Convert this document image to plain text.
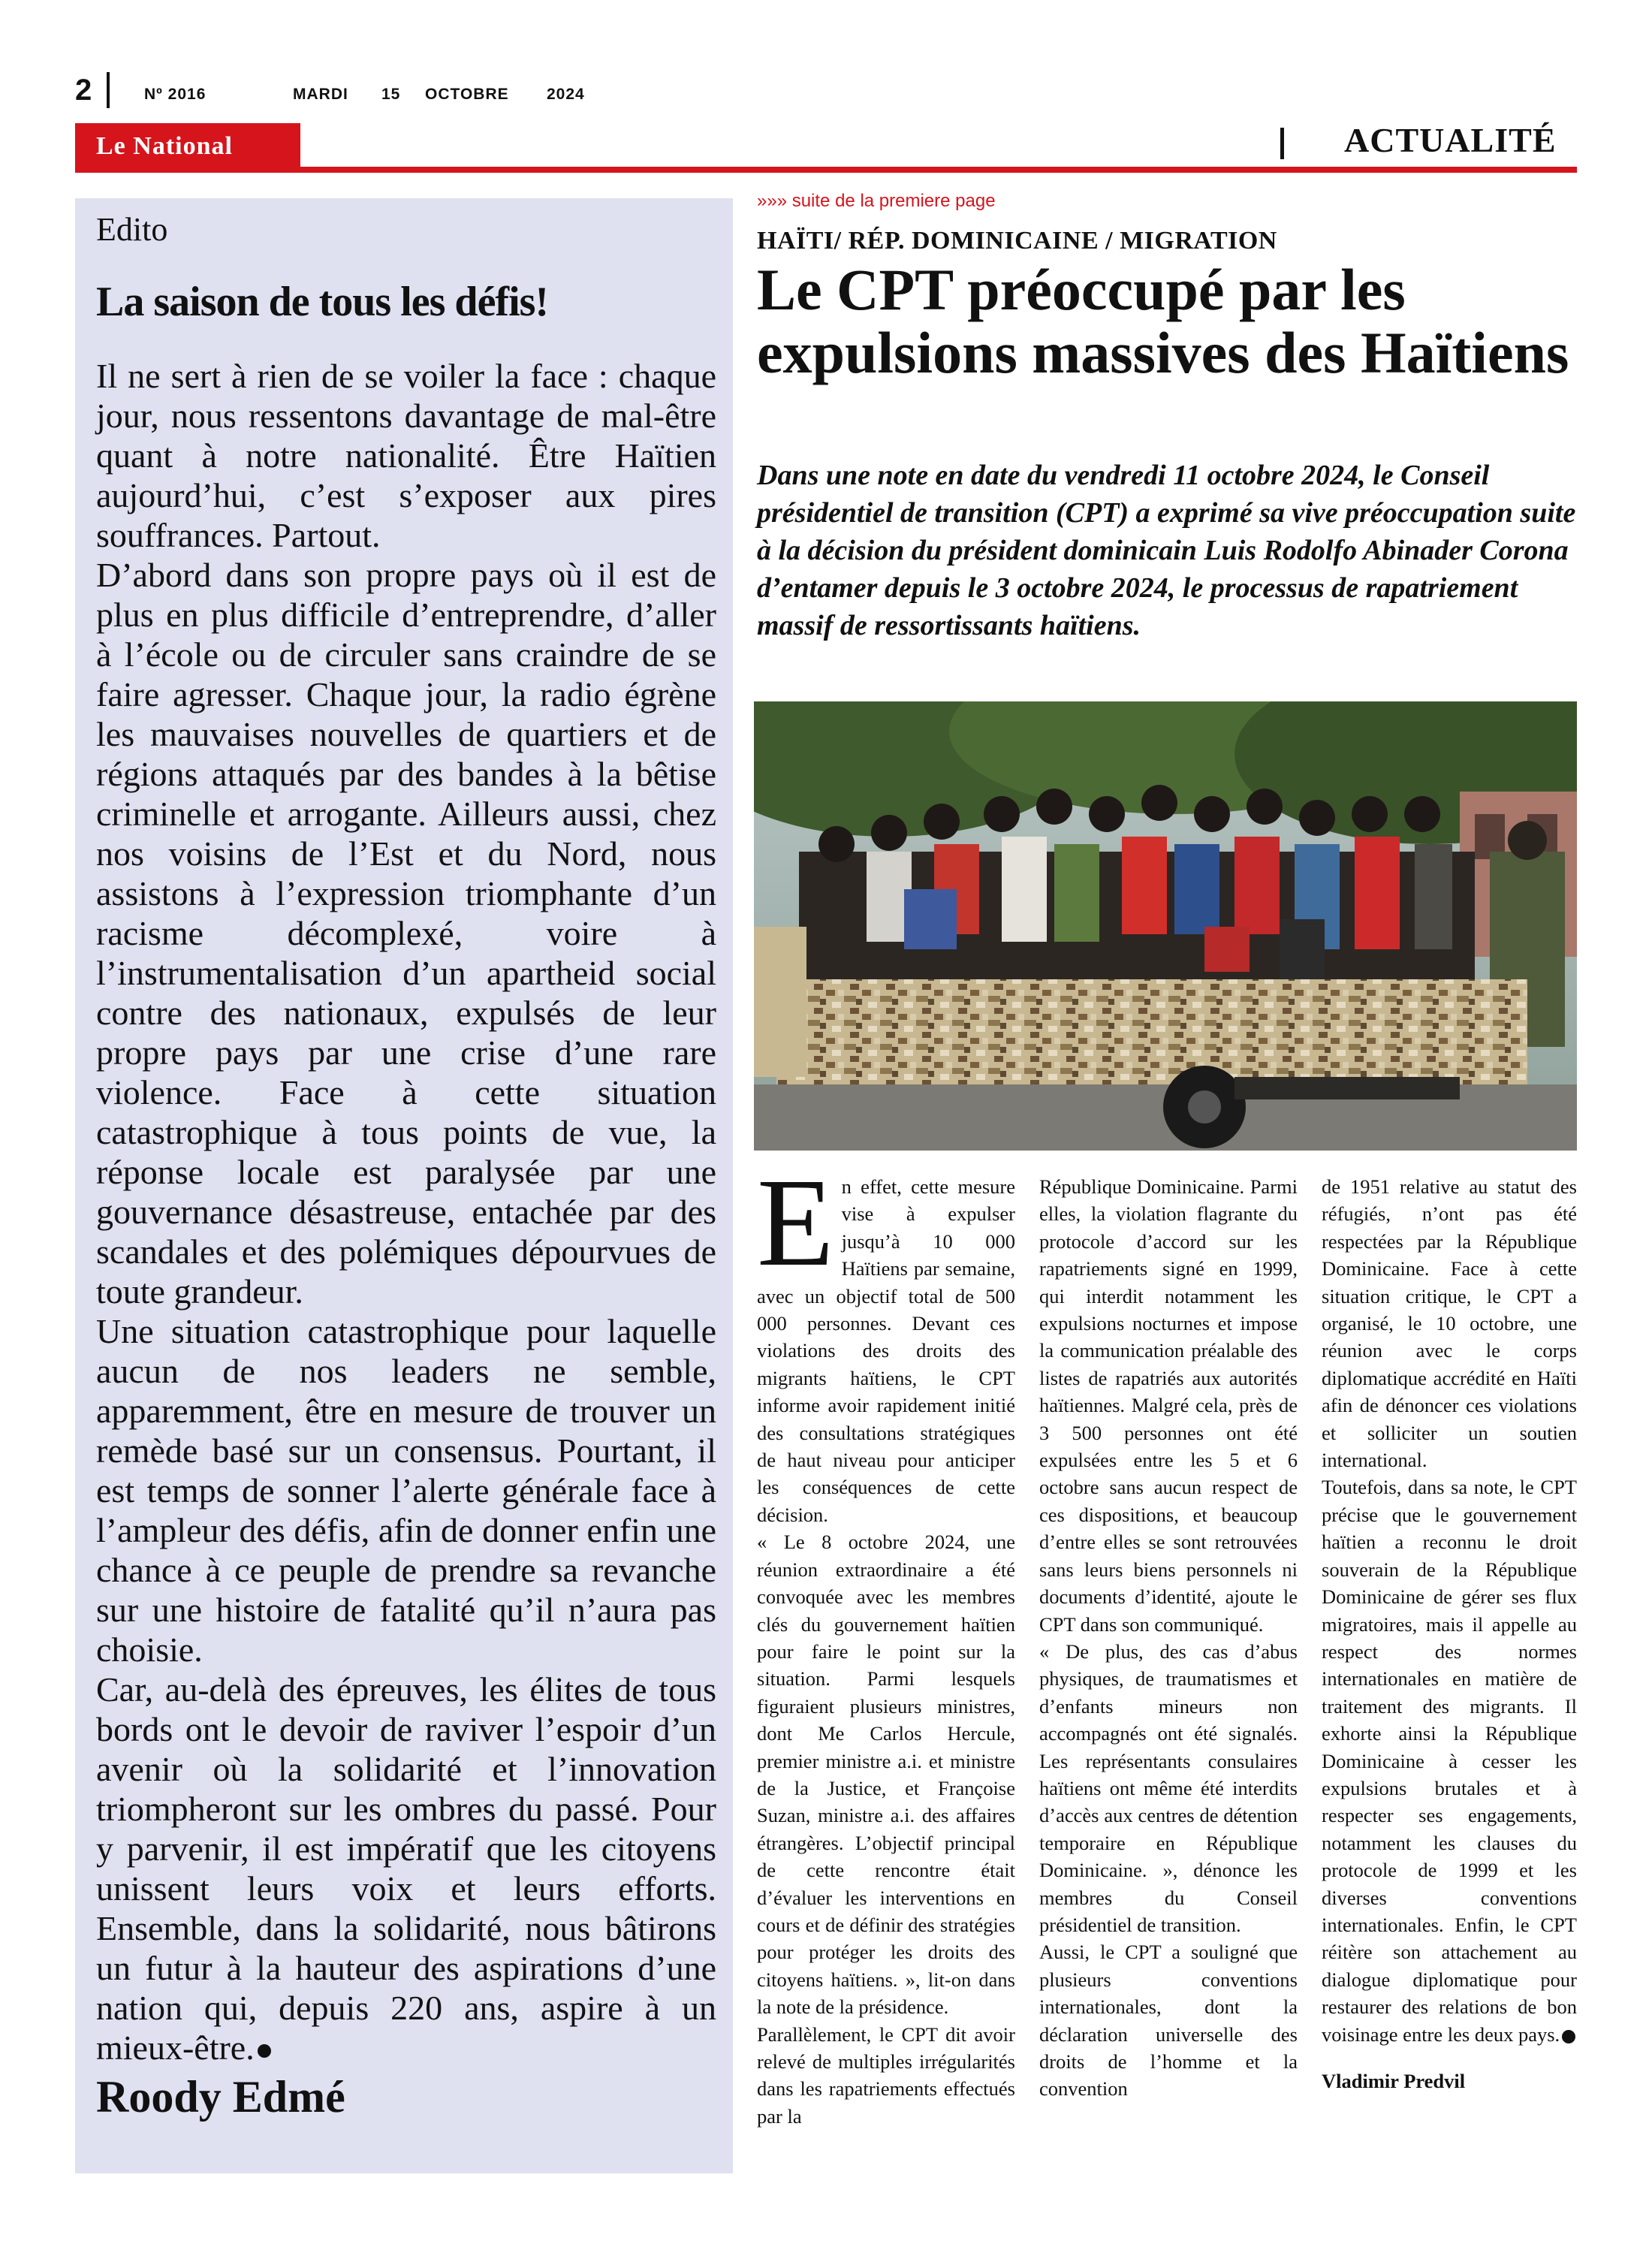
2	Nº 2016	MARDI 15 OCTOBRE 2024
Le National	ACTUALITÉ
Edito
La saison de tous les défis!

Il ne sert à rien de se voiler la face : chaque jour, nous ressentons davantage de mal-être quant à notre nationalité. Être Haïtien aujourd’hui, c’est s’exposer aux pires souffrances. Partout.

D’abord dans son propre pays où il est de plus en plus difficile d’entreprendre, d’aller à l’école ou de circuler sans craindre de se faire agresser. Chaque jour, la radio égrène les mauvaises nouvelles de quartiers et de régions attaqués par des bandes à la bêtise criminelle et arrogante. Ailleurs aussi, chez nos voisins de l’Est et du Nord, nous assistons à l’expression triomphante d’un racisme décomplexé, voire à l’instrumentalisation d’un apartheid social contre des nationaux, expulsés de leur propre pays par une crise d’une rare violence. Face à cette situation catastrophique à tous points de vue, la réponse locale est paralysée par une gouvernance désastreuse, entachée par des scandales et des polémiques dépourvues de toute grandeur.

Une situation catastrophique pour laquelle aucun de nos leaders ne semble, apparemment, être en mesure de trouver un remède basé sur un consensus. Pourtant, il est temps de sonner l’alerte générale face à l’ampleur des défis, afin de donner enfin une chance à ce peuple de prendre sa revanche sur une histoire de fatalité qu’il n’aura pas choisie.

Car, au-delà des épreuves, les élites de tous bords ont le devoir de raviver l’espoir d’un avenir où la solidarité et l’innovation triompheront sur les ombres du passé. Pour y parvenir, il est impératif que les citoyens unissent leurs voix et leurs efforts. Ensemble, dans la solidarité, nous bâtirons un futur à la hauteur des aspirations d’une nation qui, depuis 220 ans, aspire à un mieux-être.

Roody Edmé
»»» suite de la premiere page
HAÏTI/ RÉP. DOMINICAINE / MIGRATION
Le CPT préoccupé par les expulsions massives des Haïtiens
Dans une note en date du vendredi 11 octobre 2024, le Conseil présidentiel de transition (CPT) a exprimé sa vive préoccupation suite à la décision du président dominicain Luis Rodolfo Abinader Corona d’entamer depuis le 3 octobre 2024, le processus de rapatriement massif de ressortissants haïtiens.

En effet, cette mesure vise à expulser jusqu’à 10 000 Haïtiens par semaine, avec un objectif total de 500 000 personnes. Devant ces violations des droits des migrants haïtiens, le CPT informe avoir rapidement initié des consultations stratégiques de haut niveau pour anticiper les conséquences de cette décision.

« Le 8 octobre 2024, une réunion extraordinaire a été convoquée avec les membres clés du gouvernement haïtien pour faire le point sur la situation. Parmi lesquels figuraient plusieurs ministres, dont Me Carlos Hercule, premier ministre a.i. et ministre de la Justice, et Françoise Suzan, ministre a.i. des affaires étrangères. L’objectif principal de cette rencontre était d’évaluer les interventions en cours et de définir des stratégies pour protéger les droits des citoyens haïtiens. », lit-on dans la note de la présidence.

Parallèlement, le CPT dit avoir relevé de multiples irrégularités dans les rapatriements effectués par la

République Dominicaine. Parmi elles, la violation flagrante du protocole d’accord sur les rapatriements signé en 1999, qui interdit notamment les expulsions nocturnes et impose la communication préalable des listes de rapatriés aux autorités haïtiennes. Malgré cela, près de 3 500 personnes ont été expulsées entre les 5 et 6 octobre sans aucun respect de ces dispositions, et beaucoup d’entre elles se sont retrouvées sans leurs biens personnels ni documents d’identité, ajoute le CPT dans son communiqué.

« De plus, des cas d’abus physiques, de traumatismes et d’enfants mineurs non accompagnés ont été signalés. Les représentants consulaires haïtiens ont même été interdits d’accès aux centres de détention temporaire en République Dominicaine. », dénonce les membres du Conseil présidentiel de transition.

Aussi, le CPT a souligné que plusieurs conventions internationales, dont la déclaration universelle des droits de l’homme et la convention

de 1951 relative au statut des réfugiés, n’ont pas été respectées par la République Dominicaine. Face à cette situation critique, le CPT a organisé, le 10 octobre, une réunion avec le corps diplomatique accrédité en Haïti afin de dénoncer ces violations et solliciter un soutien international.

Toutefois, dans sa note, le CPT précise que le gouvernement haïtien a reconnu le droit souverain de la République Dominicaine de gérer ses flux migratoires, mais il appelle au respect des normes internationales en matière de traitement des migrants. Il exhorte ainsi la République Dominicaine à cesser les expulsions brutales et à respecter ses engagements, notamment les clauses du protocole de 1999 et les diverses conventions internationales. Enfin, le CPT réitère son attachement au dialogue diplomatique pour restaurer des relations de bon voisinage entre les deux pays.

Vladimir Predvil
